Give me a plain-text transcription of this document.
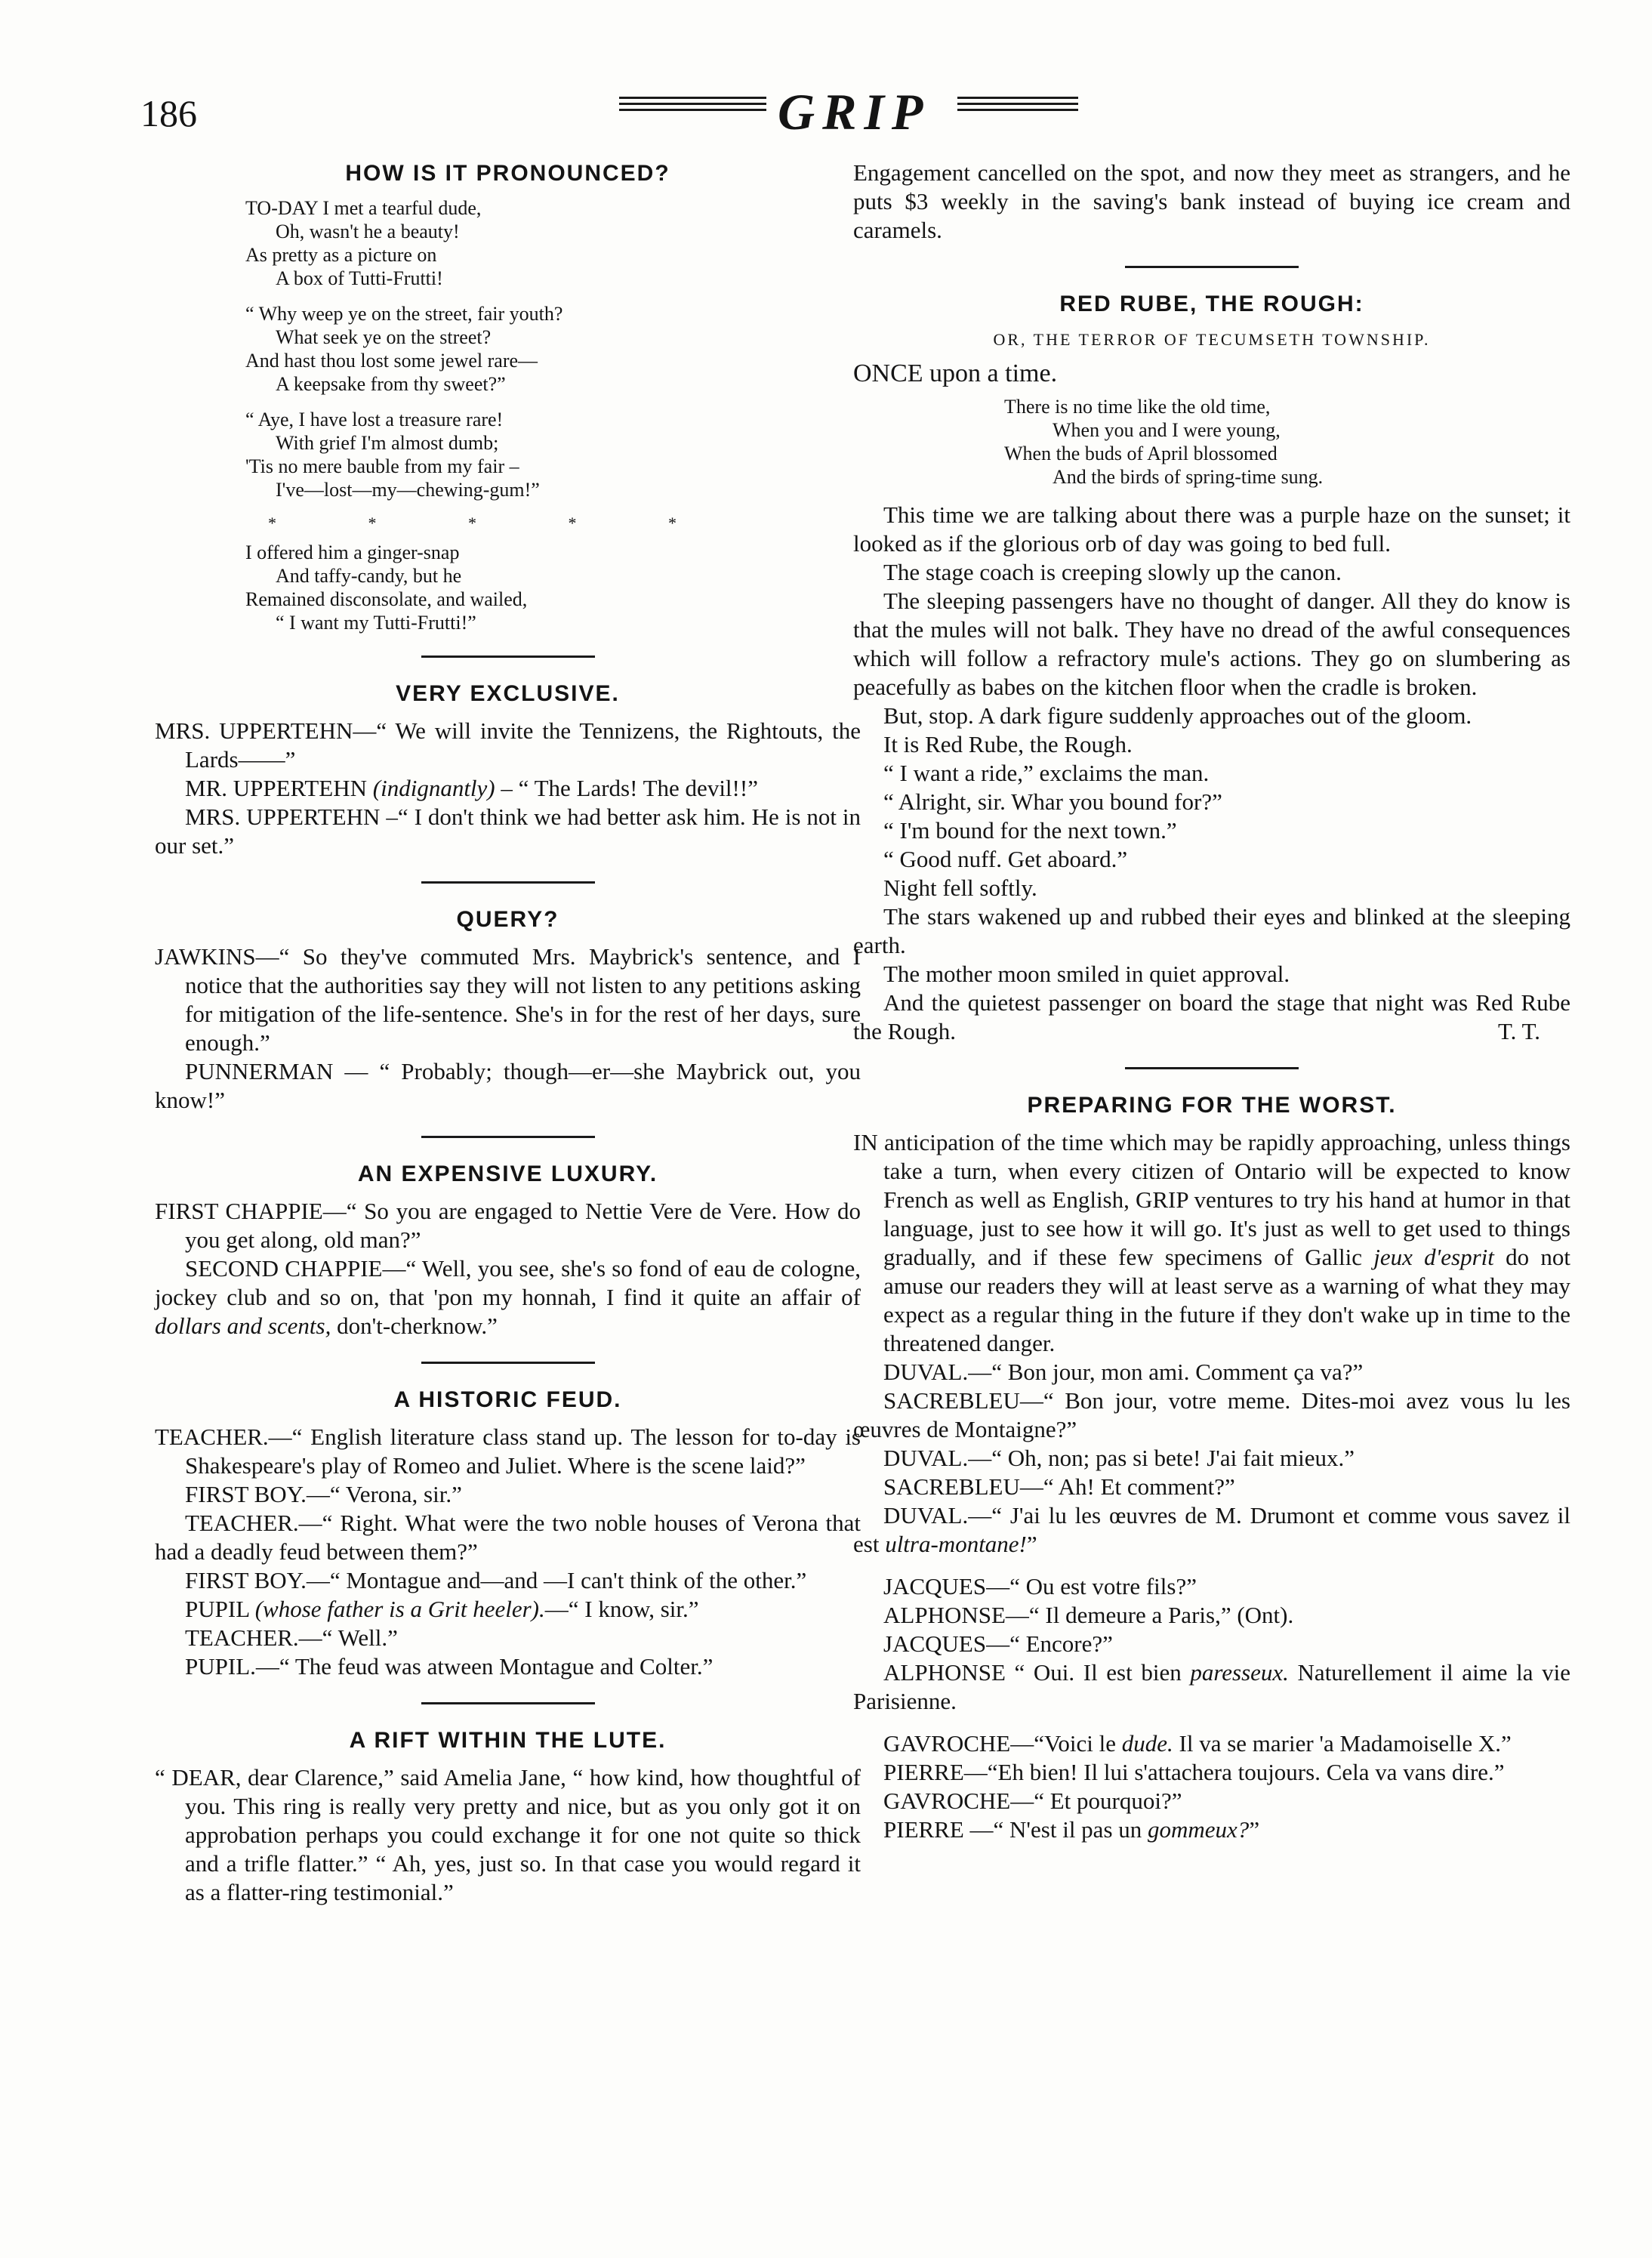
186	GRIP
HOW IS IT PRONOUNCED?
TO-DAY I met a tearful dude,
Oh, wasn't he a beauty!
As pretty as a picture on
A box of Tutti-Frutti!
“ Why weep ye on the street, fair youth?
What seek ye on the street?
And hast thou lost some jewel rare—
A keepsake from thy sweet?”
“ Aye, I have lost a treasure rare!
With grief I'm almost dumb;
'Tis no mere bauble from my fair –
I've—lost—my—chewing-gum!”
* * * * *
I offered him a ginger-snap
And taffy-candy, but he
Remained disconsolate, and wailed,
“ I want my Tutti-Frutti!”
VERY EXCLUSIVE.

MRS. UPPERTEHN—“ We will invite the Tennizens, the Rightouts, the Lards——”

MR. UPPERTEHN (indignantly) – “ The Lards! The devil!!”

MRS. UPPERTEHN –“ I don't think we had better ask him. He is not in our set.”

QUERY?

JAWKINS—“ So they've commuted Mrs. Maybrick's sentence, and I notice that the authorities say they will not listen to any petitions asking for mitigation of the life-sentence. She's in for the rest of her days, sure enough.”

PUNNERMAN — “ Probably; though—er—she Maybrick out, you know!”

AN EXPENSIVE LUXURY.

FIRST CHAPPIE—“ So you are engaged to Nettie Vere de Vere. How do you get along, old man?”

SECOND CHAPPIE—“ Well, you see, she's so fond of eau de cologne, jockey club and so on, that 'pon my honnah, I find it quite an affair of dollars and scents, don't-cherknow.”

A HISTORIC FEUD.

TEACHER.—“ English literature class stand up. The lesson for to-day is Shakespeare's play of Romeo and Juliet. Where is the scene laid?”

FIRST BOY.—“ Verona, sir.”

TEACHER.—“ Right. What were the two noble houses of Verona that had a deadly feud between them?”

FIRST BOY.—“ Montague and—and —I can't think of the other.”

PUPIL (whose father is a Grit heeler).—“ I know, sir.”

TEACHER.—“ Well.”

PUPIL.—“ The feud was atween Montague and Colter.”

A RIFT WITHIN THE LUTE.

“ DEAR, dear Clarence,” said Amelia Jane, “ how kind, how thoughtful of you. This ring is really very pretty and nice, but as you only got it on approbation perhaps you could exchange it for one not quite so thick and a trifle flatter.” “ Ah, yes, just so. In that case you would regard it as a flatter-ring testimonial.”

Engagement cancelled on the spot, and now they meet as strangers, and he puts $3 weekly in the saving's bank instead of buying ice cream and caramels.

RED RUBE, THE ROUGH:
OR, THE TERROR OF TECUMSETH TOWNSHIP.

ONCE upon a time.

There is no time like the old time,
When you and I were young,
When the buds of April blossomed
And the birds of spring-time sung.

This time we are talking about there was a purple haze on the sunset; it looked as if the glorious orb of day was going to bed full.

The stage coach is creeping slowly up the canon.

The sleeping passengers have no thought of danger. All they do know is that the mules will not balk. They have no dread of the awful consequences which will follow a refractory mule's actions. They go on slumbering as peacefully as babes on the kitchen floor when the cradle is broken.

But, stop. A dark figure suddenly approaches out of the gloom.

It is Red Rube, the Rough.

“ I want a ride,” exclaims the man.

“ Alright, sir. Whar you bound for?”

“ I'm bound for the next town.”

“ Good nuff. Get aboard.”

Night fell softly.

The stars wakened up and rubbed their eyes and blinked at the sleeping earth.

The mother moon smiled in quiet approval.

And the quietest passenger on board the stage that night was Red Rube the Rough.	T. T.

PREPARING FOR THE WORST.

IN anticipation of the time which may be rapidly approaching, unless things take a turn, when every citizen of Ontario will be expected to know French as well as English, GRIP ventures to try his hand at humor in that language, just to see how it will go. It's just as well to get used to things gradually, and if these few specimens of Gallic jeux d'esprit do not amuse our readers they will at least serve as a warning of what they may expect as a regular thing in the future if they don't wake up in time to the threatened danger.

DUVAL.—“ Bon jour, mon ami. Comment ça va?”

SACREBLEU—“ Bon jour, votre meme. Dites-moi avez vous lu les œuvres de Montaigne?”

DUVAL.—“ Oh, non; pas si bete! J'ai fait mieux.”

SACREBLEU—“ Ah! Et comment?”

DUVAL.—“ J'ai lu les œuvres de M. Drumont et comme vous savez il est ultra-montane!”

JACQUES—“ Ou est votre fils?”

ALPHONSE—“ Il demeure a Paris,” (Ont).

JACQUES—“ Encore?”

ALPHONSE “ Oui. Il est bien paresseux. Naturellement il aime la vie Parisienne.

GAVROCHE—“Voici le dude. Il va se marier 'a Madamoiselle X.”

PIERRE—“Eh bien! Il lui s'attachera toujours. Cela va vans dire.”

GAVROCHE—“ Et pourquoi?”

PIERRE —“ N'est il pas un gommeux?”
